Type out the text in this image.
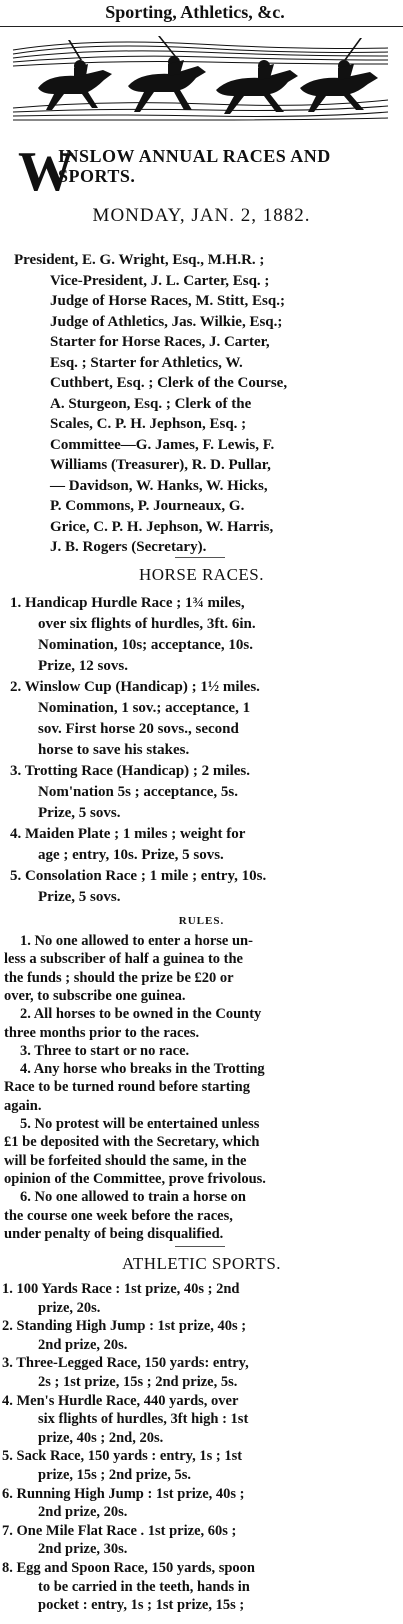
Sporting, Athletics, &c.
W
INSLOW ANNUAL RACES AND
SPORTS.
MONDAY, JAN. 2, 1882.
President, E. G. Wright, Esq., M.H.R. ;
Vice-President, J. L. Carter, Esq. ;
Judge of Horse Races, M. Stitt, Esq.;
Judge of Athletics, Jas. Wilkie, Esq.;
Starter for Horse Races, J. Carter,
Esq. ; Starter for Athletics, W.
Cuthbert, Esq. ; Clerk of the Course,
A. Sturgeon, Esq. ; Clerk of the
Scales, C. P. H. Jephson, Esq. ;
Committee—G. James, F. Lewis, F.
Williams (Treasurer), R. D. Pullar,
— Davidson, W. Hanks, W. Hicks,
P. Commons, P. Journeaux, G.
Grice, C. P. H. Jephson, W. Harris,
J. B. Rogers (Secretary).
HORSE RACES.
1. Handicap Hurdle Race ; 1¾ miles,
over six flights of hurdles, 3ft. 6in.
Nomination, 10s; acceptance, 10s.
Prize, 12 sovs.
2. Winslow Cup (Handicap) ; 1½ miles.
Nomination, 1 sov.; acceptance, 1
sov. First horse 20 sovs., second
horse to save his stakes.
3. Trotting Race (Handicap) ; 2 miles.
Nom'nation 5s ; acceptance, 5s.
Prize, 5 sovs.
4. Maiden Plate ; 1 miles ; weight for
age ; entry, 10s. Prize, 5 sovs.
5. Consolation Race ; 1 mile ; entry, 10s.
Prize, 5 sovs.
RULES.
1. No one allowed to enter a horse un-
less a subscriber of half a guinea to the
the funds ; should the prize be £20 or
over, to subscribe one guinea.
2. All horses to be owned in the County
three months prior to the races.
3. Three to start or no race.
4. Any horse who breaks in the Trotting
Race to be turned round before starting
again.
5. No protest will be entertained unless
£1 be deposited with the Secretary, which
will be forfeited should the same, in the
opinion of the Committee, prove frivolous.
6. No one allowed to train a horse on
the course one week before the races,
under penalty of being disqualified.
ATHLETIC SPORTS.
1. 100 Yards Race : 1st prize, 40s ; 2nd
prize, 20s.
2. Standing High Jump : 1st prize, 40s ;
2nd prize, 20s.
3. Three-Legged Race, 150 yards: entry,
2s ; 1st prize, 15s ; 2nd prize, 5s.
4. Men's Hurdle Race, 440 yards, over
six flights of hurdles, 3ft high : 1st
prize, 40s ; 2nd, 20s.
5. Sack Race, 150 yards : entry, 1s ; 1st
prize, 15s ; 2nd prize, 5s.
6. Running High Jump : 1st prize, 40s ;
2nd prize, 20s.
7. One Mile Flat Race . 1st prize, 60s ;
2nd prize, 30s.
8. Egg and Spoon Race, 150 yards, spoon
to be carried in the teeth, hands in
pocket : entry, 1s ; 1st prize, 15s ;
